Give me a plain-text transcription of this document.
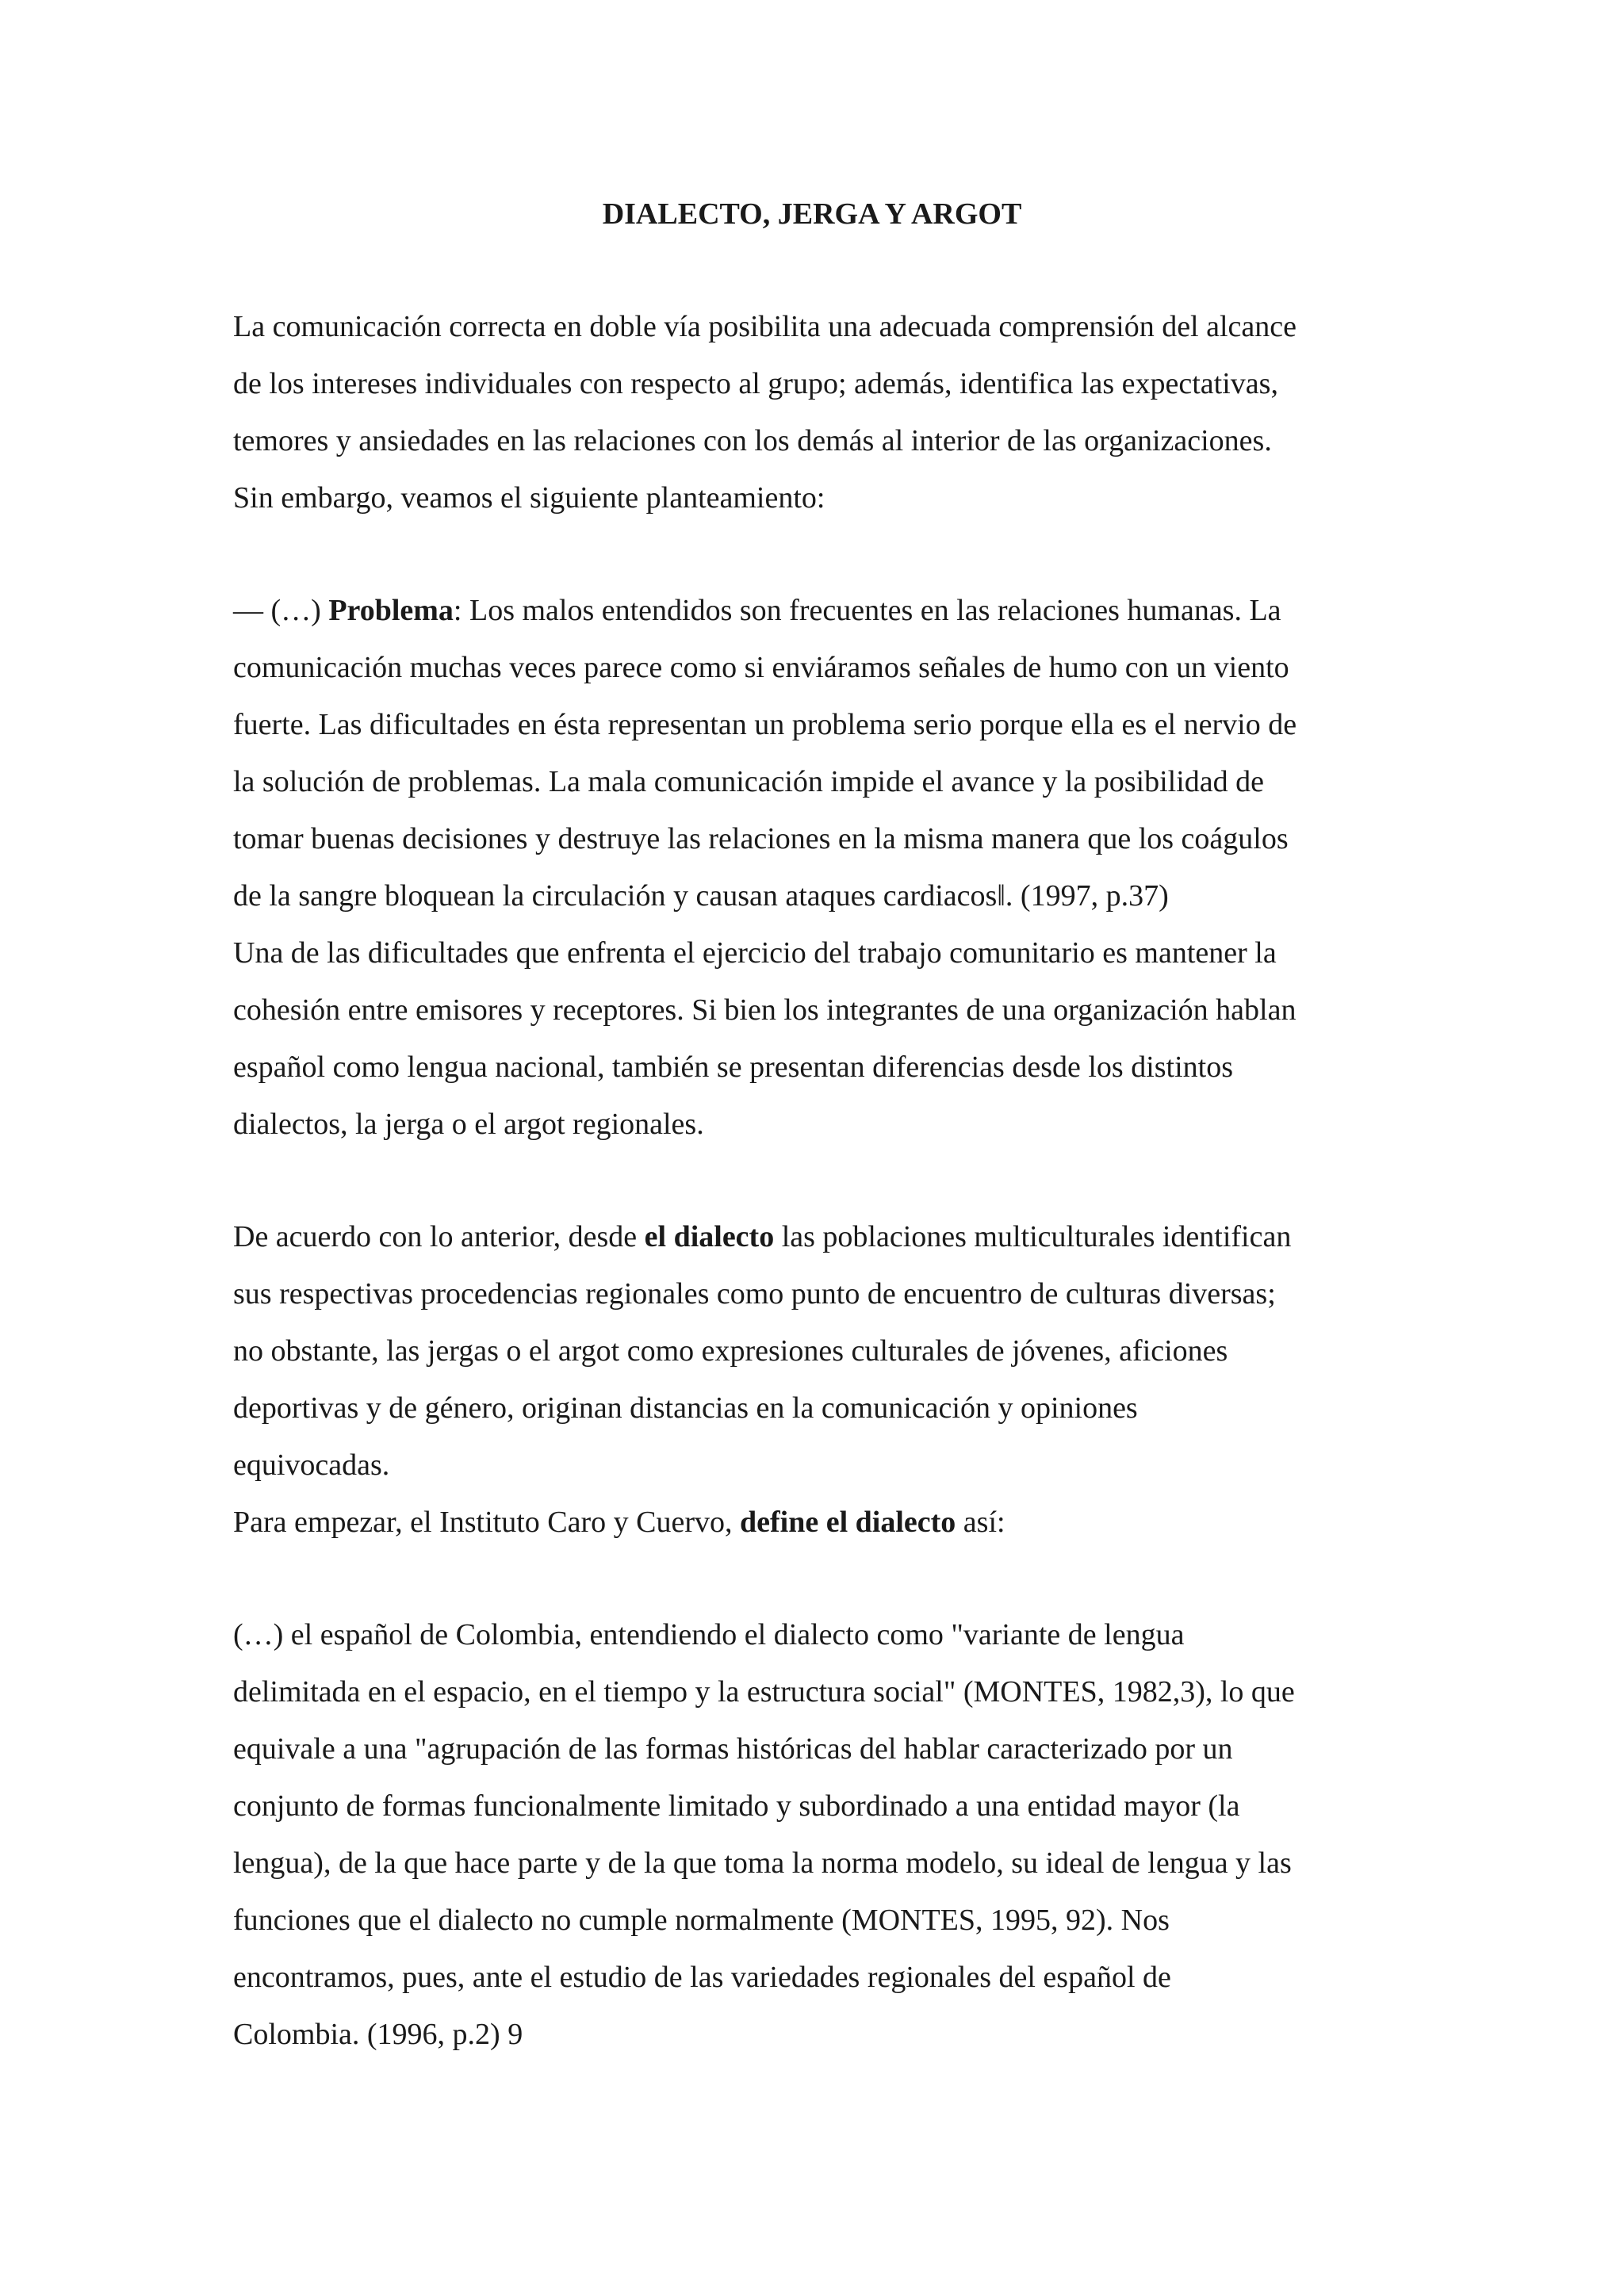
DIALECTO, JERGA Y ARGOT
La comunicación correcta en doble vía posibilita una adecuada comprensión del alcance
de los intereses individuales con respecto al grupo; además, identifica las expectativas,
temores y ansiedades en las relaciones con los demás al interior de las organizaciones.
Sin embargo, veamos el siguiente planteamiento:
― (…) Problema: Los malos entendidos son frecuentes en las relaciones humanas. La
comunicación muchas veces parece como si enviáramos señales de humo con un viento
fuerte. Las dificultades en ésta representan un problema serio porque ella es el nervio de
la solución de problemas. La mala comunicación impide el avance y la posibilidad de
tomar buenas decisiones y destruye las relaciones en la misma manera que los coágulos
de la sangre bloquean la circulación y causan ataques cardiacos‖. (1997, p.37)
Una de las dificultades que enfrenta el ejercicio del trabajo comunitario es mantener la
cohesión entre emisores y receptores. Si bien los integrantes de una organización hablan
español como lengua nacional, también se presentan diferencias desde los distintos
dialectos, la jerga o el argot regionales.
De acuerdo con lo anterior, desde el dialecto las poblaciones multiculturales identifican
sus respectivas procedencias regionales como punto de encuentro de culturas diversas;
no obstante, las jergas o el argot como expresiones culturales de jóvenes, aficiones
deportivas y de género, originan distancias en la comunicación y opiniones
equivocadas.
Para empezar, el Instituto Caro y Cuervo, define el dialecto así:
(…) el español de Colombia, entendiendo el dialecto como "variante de lengua
delimitada en el espacio, en el tiempo y la estructura social" (MONTES, 1982,3), lo que
equivale a una "agrupación de las formas históricas del hablar caracterizado por un
conjunto de formas funcionalmente limitado y subordinado a una entidad mayor (la
lengua), de la que hace parte y de la que toma la norma modelo, su ideal de lengua y las
funciones que el dialecto no cumple normalmente (MONTES, 1995, 92). Nos
encontramos, pues, ante el estudio de las variedades regionales del español de
Colombia. (1996, p.2) 9
